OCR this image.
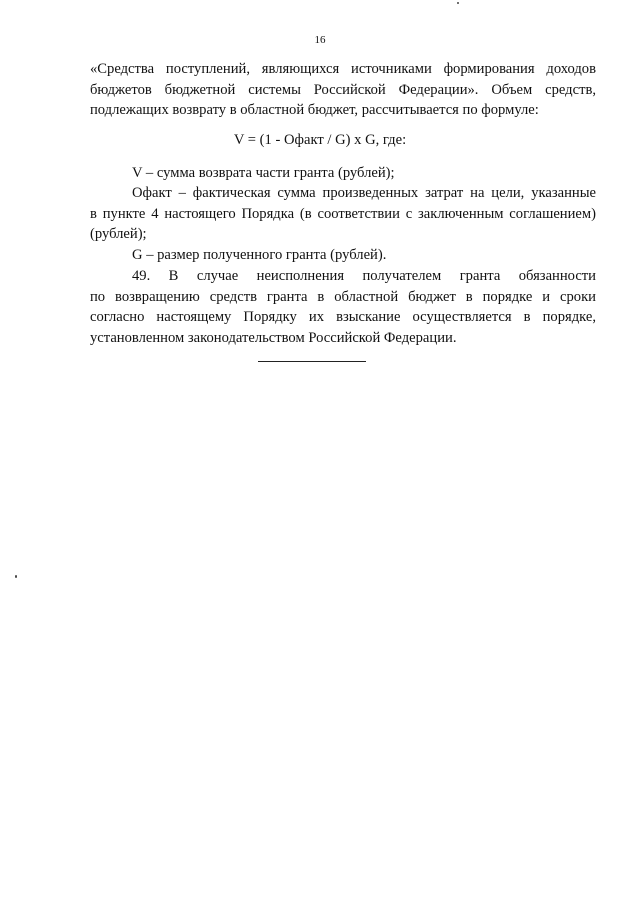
16
«Средства поступлений, являющихся источниками формирования доходов
бюджетов бюджетной системы Российской Федерации». Объем средств,
подлежащих возврату в областной бюджет, рассчитывается по формуле:
V = (1 - Офакт / G) x G, где:
V – сумма возврата части гранта (рублей);
Офакт – фактическая сумма произведенных затрат на цели, указанные
в пункте 4 настоящего Порядка (в соответствии с заключенным соглашением)
(рублей);
G – размер полученного гранта (рублей).
49. В случае неисполнения получателем гранта обязанности
по возвращению средств гранта в областной бюджет в порядке и сроки
согласно настоящему Порядку их взыскание осуществляется в порядке,
установленном законодательством Российской Федерации.
